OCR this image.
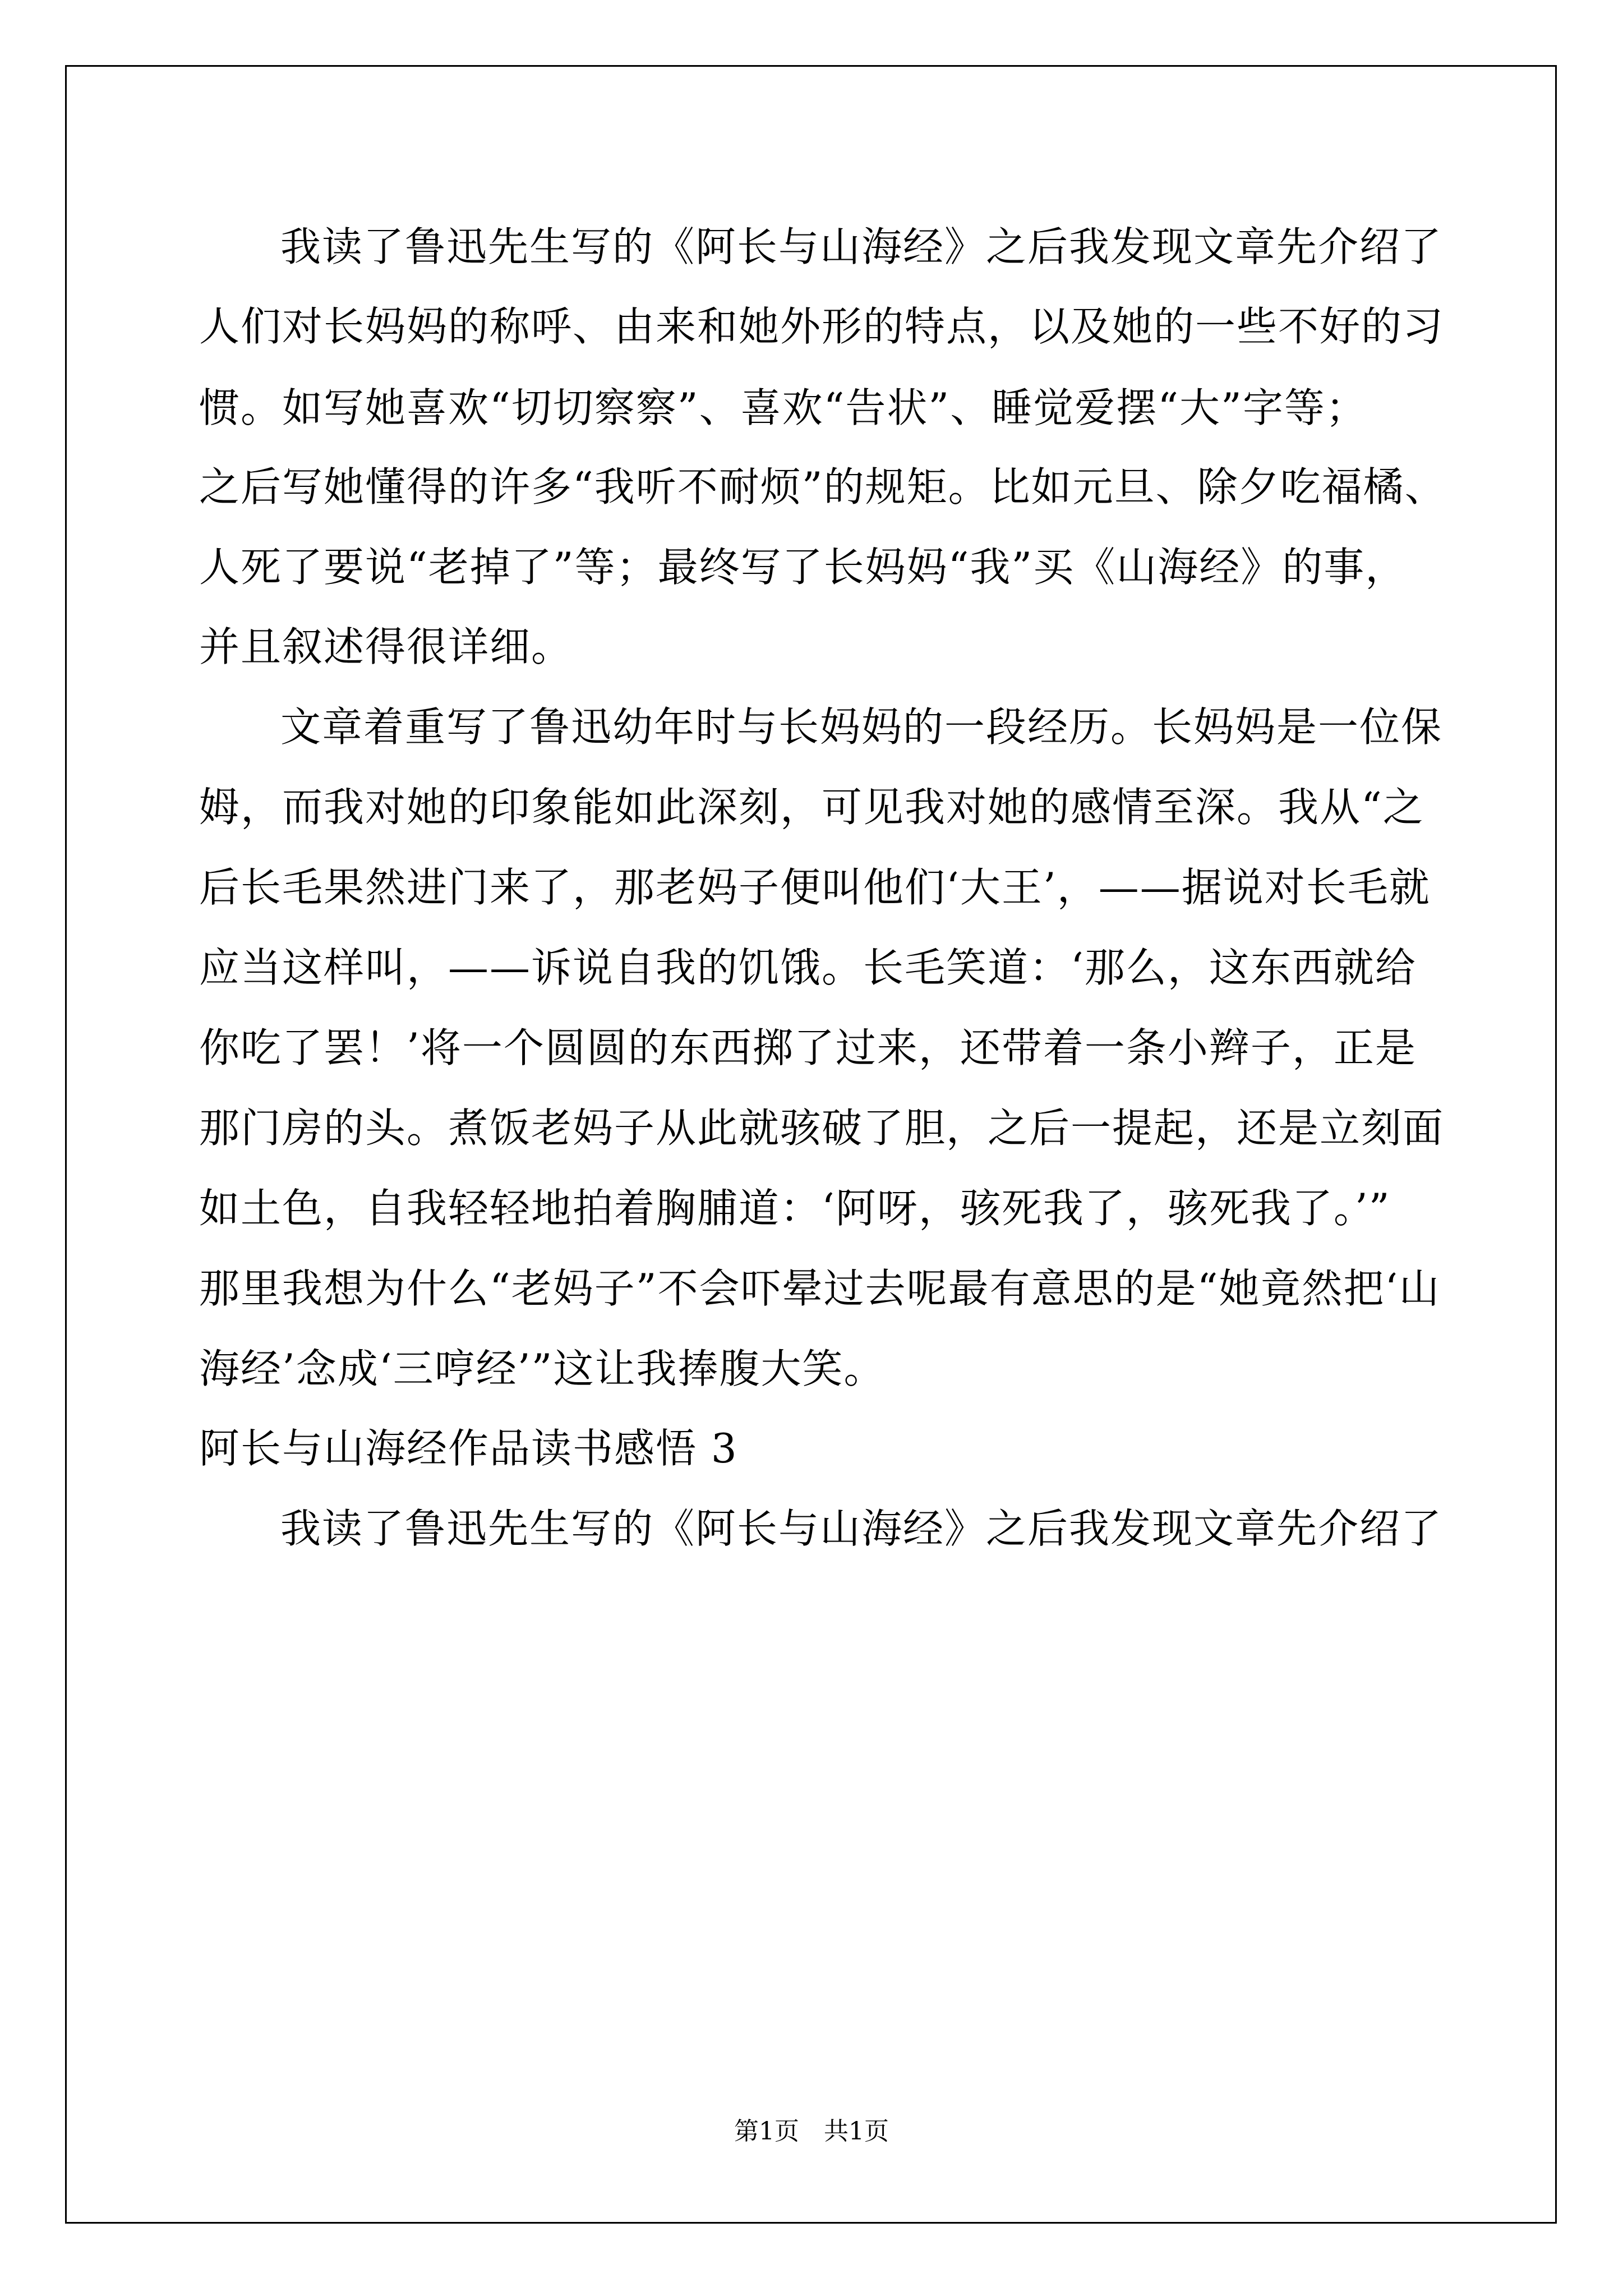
我读了鲁迅先生写的《阿长与山海经》之后我发现文章先介绍了
人们对长妈妈的称呼、由来和她外形的特点，以及她的一些不好的习
惯。如写她喜欢“切切察察”、喜欢“告状”、睡觉爱摆“大”字等；
之后写她懂得的许多“我听不耐烦”的规矩。比如元旦、除夕吃福橘、
人死了要说“老掉了”等；最终写了长妈妈“我”买《山海经》的事，
并且叙述得很详细。
文章着重写了鲁迅幼年时与长妈妈的一段经历。长妈妈是一位保
姆，而我对她的印象能如此深刻，可见我对她的感情至深。我从“之
后长毛果然进门来了，那老妈子便叫他们‘大王’，——据说对长毛就
应当这样叫，——诉说自我的饥饿。长毛笑道：‘那么，这东西就给
你吃了罢！’将一个圆圆的东西掷了过来，还带着一条小辫子，正是
那门房的头。煮饭老妈子从此就骇破了胆，之后一提起，还是立刻面
如土色，自我轻轻地拍着胸脯道：‘阿呀，骇死我了，骇死我了。’”
那里我想为什么“老妈子”不会吓晕过去呢最有意思的是“她竟然把‘山
海经’念成‘三哼经’”这让我捧腹大笑。
阿长与山海经作品读书感悟 3
我读了鲁迅先生写的《阿长与山海经》之后我发现文章先介绍了
第1页　共1页
